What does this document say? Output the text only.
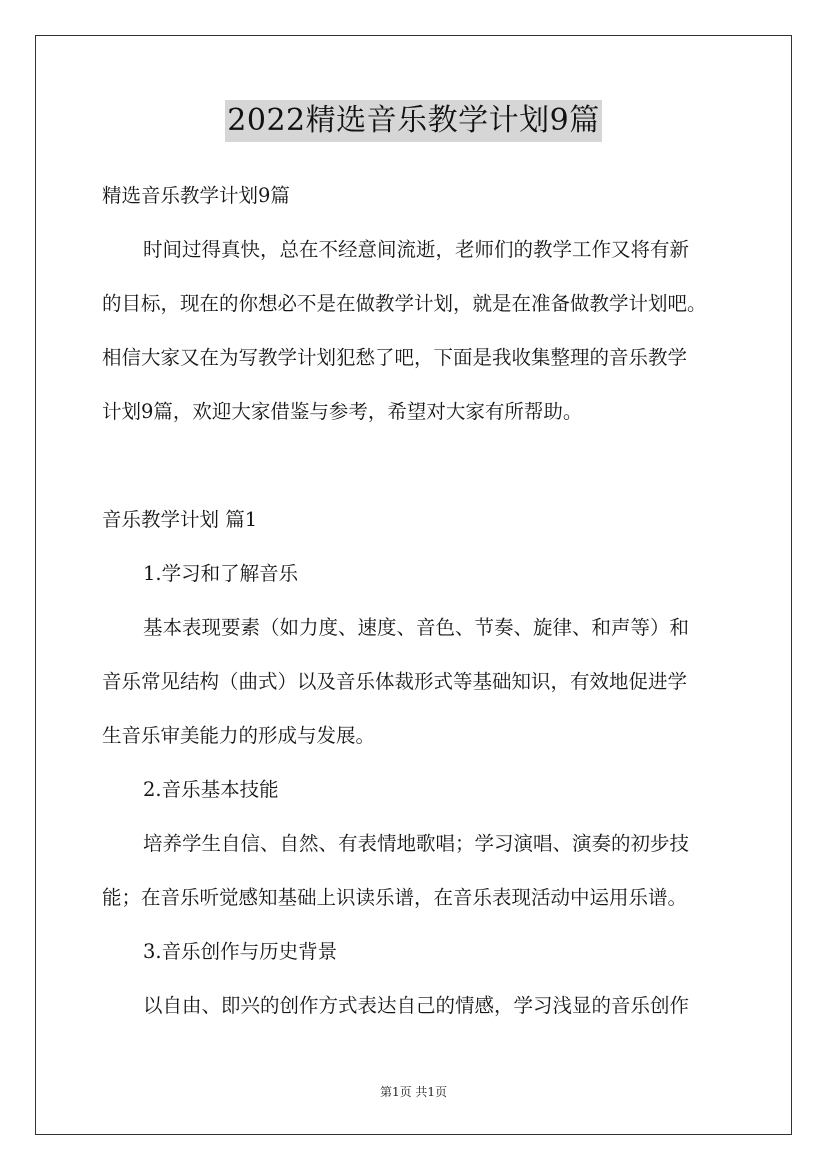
2022精选音乐教学计划9篇
精选音乐教学计划9篇
时间过得真快，总在不经意间流逝，老师们的教学工作又将有新
的目标，现在的你想必不是在做教学计划，就是在准备做教学计划吧。
相信大家又在为写教学计划犯愁了吧，下面是我收集整理的音乐教学
计划9篇，欢迎大家借鉴与参考，希望对大家有所帮助。
音乐教学计划 篇1
1.学习和了解音乐
基本表现要素（如力度、速度、音色、节奏、旋律、和声等）和
音乐常见结构（曲式）以及音乐体裁形式等基础知识，有效地促进学
生音乐审美能力的形成与发展。
2.音乐基本技能
培养学生自信、自然、有表情地歌唱；学习演唱、演奏的初步技
能；在音乐听觉感知基础上识读乐谱，在音乐表现活动中运用乐谱。
3.音乐创作与历史背景
以自由、即兴的创作方式表达自己的情感，学习浅显的音乐创作
第1页 共1页
